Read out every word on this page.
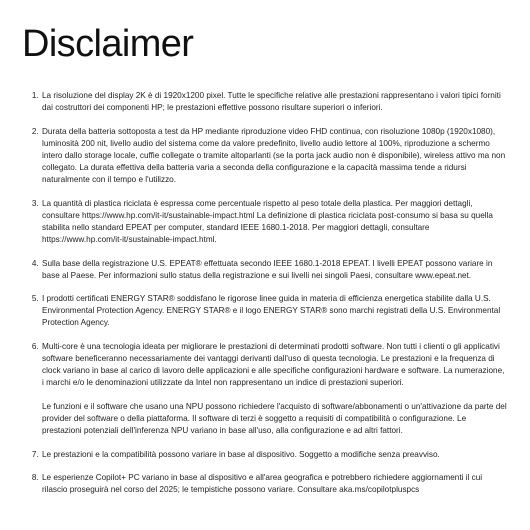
Disclaimer

1. La risoluzione del display 2K è di 1920x1200 pixel. Tutte le specifiche relative alle prestazioni rappresentano i valori tipici forniti dai costruttori dei componenti HP; le prestazioni effettive possono risultare superiori o inferiori.

2. Durata della batteria sottoposta a test da HP mediante riproduzione video FHD continua, con risoluzione 1080p (1920x1080), luminosità 200 nit, livello audio del sistema come da valore predefinito, livello audio lettore al 100%, riproduzione a schermo intero dallo storage locale, cuffie collegate o tramite altoparlanti (se la porta jack audio non è disponibile), wireless attivo ma non collegato. La durata effettiva della batteria varia a seconda della configurazione e la capacità massima tende a ridursi naturalmente con il tempo e l'utilizzo.

3. La quantità di plastica riciclata è espressa come percentuale rispetto al peso totale della plastica. Per maggiori dettagli, consultare https://www.hp.com/it-it/sustainable-impact.html La definizione di plastica riciclata post-consumo si basa su quella stabilita nello standard EPEAT per computer, standard IEEE 1680.1-2018. Per maggiori dettagli, consultare https://www.hp.com/it-it/sustainable-impact.html.

4. Sulla base della registrazione U.S. EPEAT® effettuata secondo IEEE 1680.1-2018 EPEAT. I livelli EPEAT possono variare in base al Paese. Per informazioni sullo status della registrazione e sui livelli nei singoli Paesi, consultare www.epeat.net.

5. I prodotti certificati ENERGY STAR® soddisfano le rigorose linee guida in materia di efficienza energetica stabilite dalla U.S. Environmental Protection Agency. ENERGY STAR® e il logo ENERGY STAR® sono marchi registrati della U.S. Environmental Protection Agency.

6. Multi-core è una tecnologia ideata per migliorare le prestazioni di determinati prodotti software. Non tutti i clienti o gli applicativi software beneficeranno necessariamente dei vantaggi derivanti dall'uso di questa tecnologia. Le prestazioni e la frequenza di clock variano in base al carico di lavoro delle applicazioni e alle specifiche configurazioni hardware e software. La numerazione, i marchi e/o le denominazioni utilizzate da Intel non rappresentano un indice di prestazioni superiori.

Le funzioni e il software che usano una NPU possono richiedere l'acquisto di software/abbonamenti o un'attivazione da parte del provider del software o della piattaforma. Il software di terzi è soggetto a requisiti di compatibilità o configurazione. Le prestazioni potenziali dell'inferenza NPU variano in base all'uso, alla configurazione e ad altri fattori.

7. Le prestazioni e la compatibilità possono variare in base al dispositivo. Soggetto a modifiche senza preavviso.

8. Le esperienze Copilot+ PC variano in base al dispositivo e all'area geografica e potrebbero richiedere aggiornamenti il cui rilascio proseguirà nel corso del 2025; le tempistiche possono variare. Consultare aka.ms/copilotpluspcs
